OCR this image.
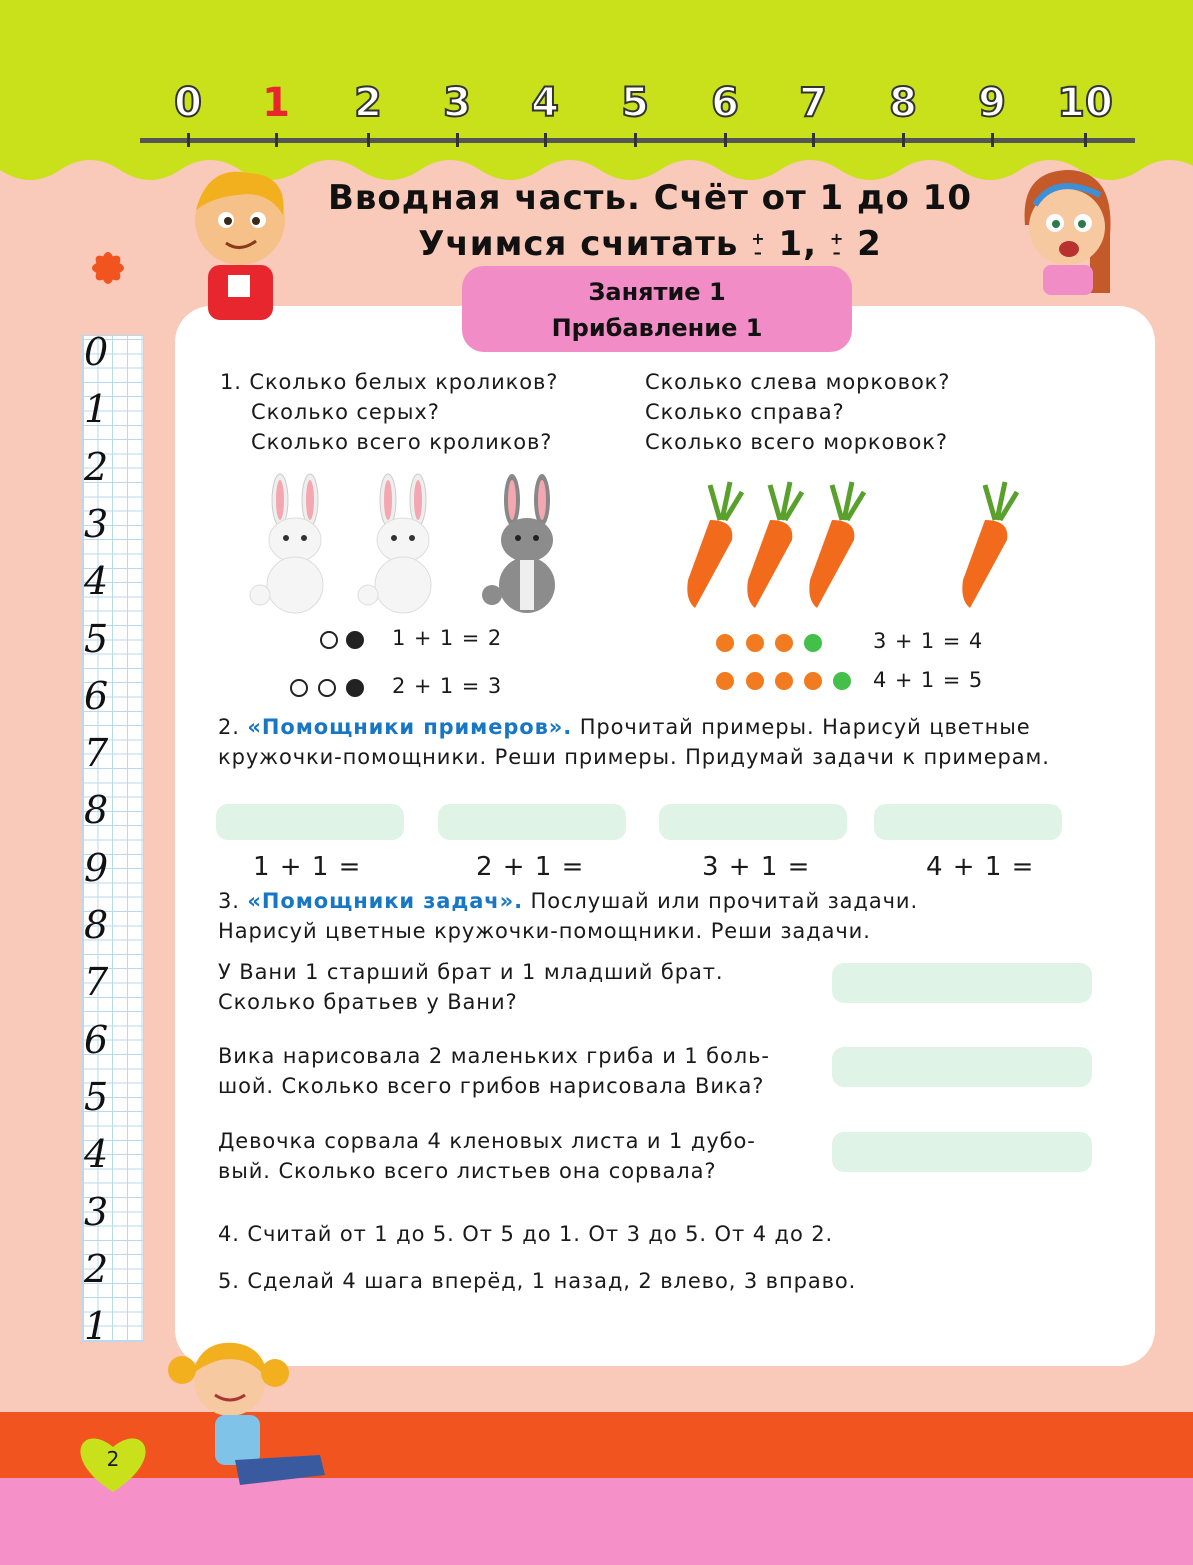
0	1	2	3	4	5	6	7	8	9	10
Вводная часть. Счёт от 1 до 10
Учимся считать +
– 1, +
– 2
Занятие 1
Прибавление 1
1. Сколько белых кроликов?
Сколько серых?
Сколько всего кроликов?
Сколько слева морковок?
Сколько справа?
Сколько всего морковок?
1 + 1 = 2
2 + 1 = 3
3 + 1 = 4
4 + 1 = 5
2. «Помощники примеров». Прочитай примеры. Нарисуй цветные
кружочки-помощники. Реши примеры. Придумай задачи к примерам.
1 + 1 =	2 + 1 =	3 + 1 =	4 + 1 =
3. «Помощники задач». Послушай или прочитай задачи.
Нарисуй цветные кружочки-помощники. Реши задачи.
У Вани 1 старший брат и 1 младший брат.
Сколько братьев у Вани?
Вика нарисовала 2 маленьких гриба и 1 боль-
шой. Сколько всего грибов нарисовала Вика?
Девочка сорвала 4 кленовых листа и 1 дубо-
вый. Сколько всего листьев она сорвала?
4. Считай от 1 до 5. От 5 до 1. От 3 до 5. От 4 до 2.
5. Сделай 4 шага вперёд, 1 назад, 2 влево, 3 вправо.
0
1
2
3
4
5
6
7
8
9
8
7
6
5
4
3
2
1
2
